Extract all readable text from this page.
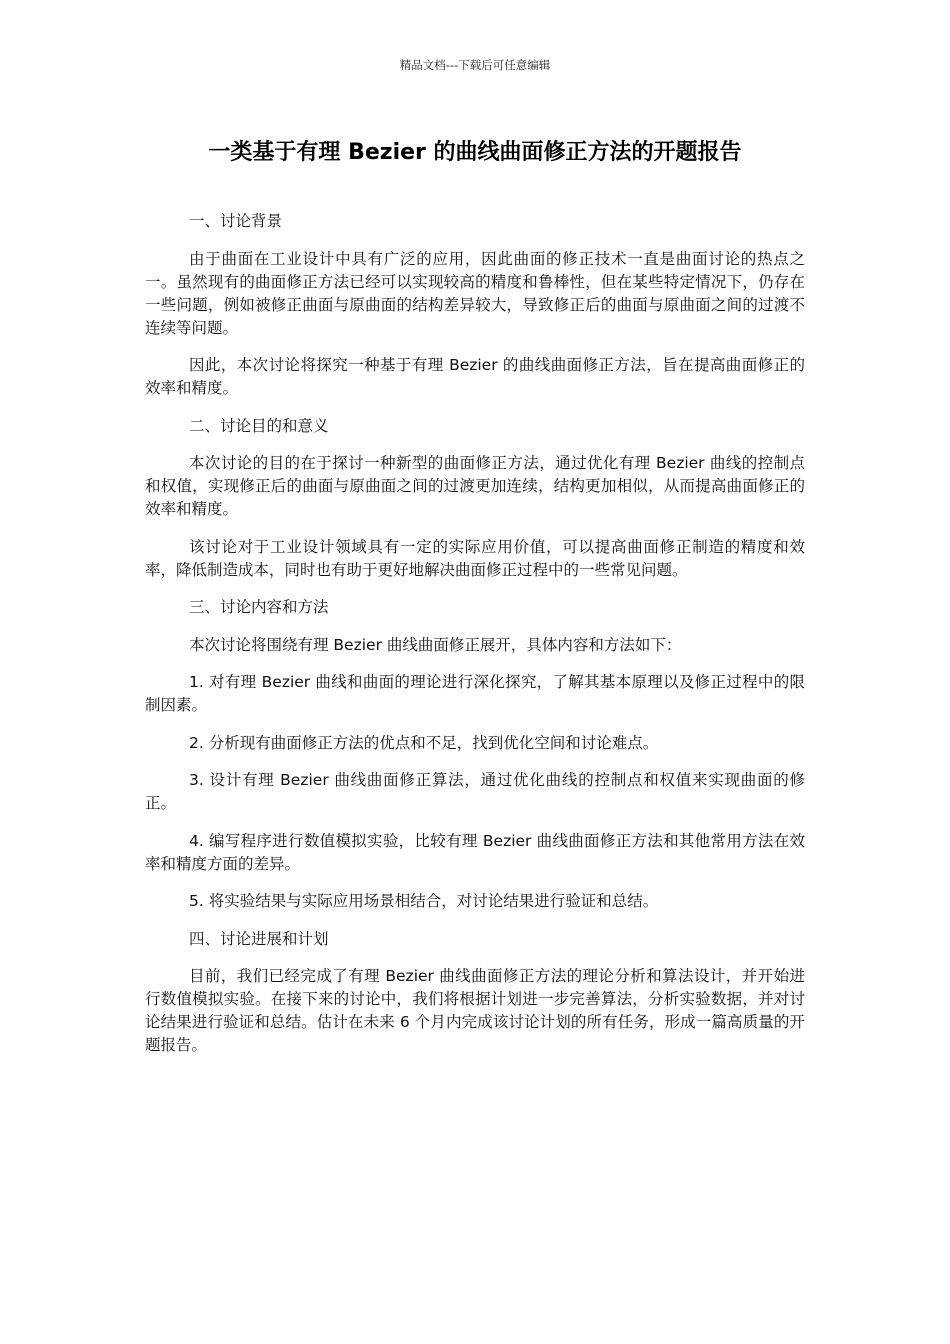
精品文档---下载后可任意编辑
一类基于有理 Bezier 的曲线曲面修正方法的开题报告

一、讨论背景

由于曲面在工业设计中具有广泛的应用，因此曲面的修正技术一直是曲面讨论的热点之一。虽然现有的曲面修正方法已经可以实现较高的精度和鲁棒性，但在某些特定情况下，仍存在一些问题，例如被修正曲面与原曲面的结构差异较大，导致修正后的曲面与原曲面之间的过渡不连续等问题。

因此，本次讨论将探究一种基于有理 Bezier 的曲线曲面修正方法，旨在提高曲面修正的效率和精度。

二、讨论目的和意义

本次讨论的目的在于探讨一种新型的曲面修正方法，通过优化有理 Bezier 曲线的控制点和权值，实现修正后的曲面与原曲面之间的过渡更加连续，结构更加相似，从而提高曲面修正的效率和精度。

该讨论对于工业设计领域具有一定的实际应用价值，可以提高曲面修正制造的精度和效率，降低制造成本，同时也有助于更好地解决曲面修正过程中的一些常见问题。

三、讨论内容和方法

本次讨论将围绕有理 Bezier 曲线曲面修正展开，具体内容和方法如下：

1. 对有理 Bezier 曲线和曲面的理论进行深化探究，了解其基本原理以及修正过程中的限制因素。

2. 分析现有曲面修正方法的优点和不足，找到优化空间和讨论难点。

3. 设计有理 Bezier 曲线曲面修正算法，通过优化曲线的控制点和权值来实现曲面的修正。

4. 编写程序进行数值模拟实验，比较有理 Bezier 曲线曲面修正方法和其他常用方法在效率和精度方面的差异。

5. 将实验结果与实际应用场景相结合，对讨论结果进行验证和总结。

四、讨论进展和计划

目前，我们已经完成了有理 Bezier 曲线曲面修正方法的理论分析和算法设计，并开始进行数值模拟实验。在接下来的讨论中，我们将根据计划进一步完善算法，分析实验数据，并对讨论结果进行验证和总结。估计在未来 6 个月内完成该讨论计划的所有任务，形成一篇高质量的开题报告。
